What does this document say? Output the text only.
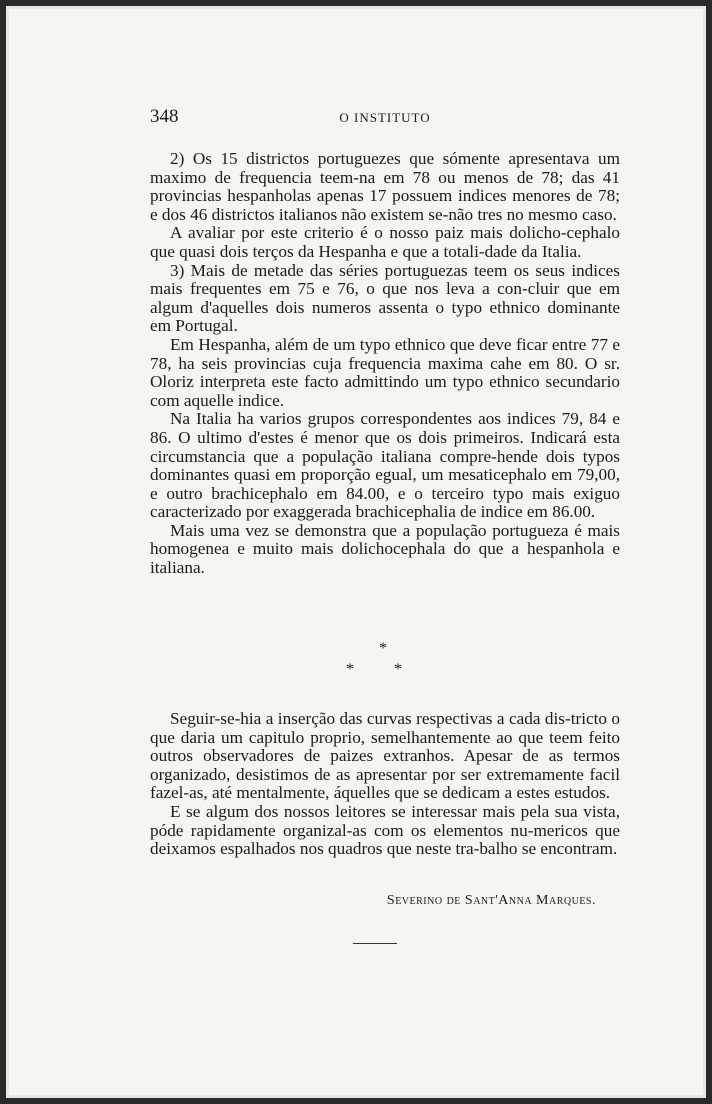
348	O INSTITUTO

2) Os 15 districtos portuguezes que sómente apresentava um maximo de frequencia teem-na em 78 ou menos de 78; das 41 provincias hespanholas apenas 17 possuem indices menores de 78; e dos 46 districtos italianos não existem se-não tres no mesmo caso.

A avaliar por este criterio é o nosso paiz mais dolicho-cephalo que quasi dois terços da Hespanha e que a totali-dade da Italia.

3) Mais de metade das séries portuguezas teem os seus indices mais frequentes em 75 e 76, o que nos leva a con-cluir que em algum d'aquelles dois numeros assenta o typo ethnico dominante em Portugal.

Em Hespanha, além de um typo ethnico que deve ficar entre 77 e 78, ha seis provincias cuja frequencia maxima cahe em 80. O sr. Oloriz interpreta este facto admittindo um typo ethnico secundario com aquelle indice.

Na Italia ha varios grupos correspondentes aos indices 79, 84 e 86. O ultimo d'estes é menor que os dois primeiros. Indicará esta circumstancia que a população italiana compre-hende dois typos dominantes quasi em proporção egual, um mesaticephalo em 79,00, e outro brachicephalo em 84.00, e o terceiro typo mais exiguo caracterizado por exaggerada brachicephalia de indice em 86.00.

Mais uma vez se demonstra que a população portugueza é mais homogenea e muito mais dolichocephala do que a hespanhola e italiana.

*
* *

Seguir-se-hia a inserção das curvas respectivas a cada dis-tricto o que daria um capitulo proprio, semelhantemente ao que teem feito outros observadores de paizes extranhos. Apesar de as termos organizado, desistimos de as apresentar por ser extremamente facil fazel-as, até mentalmente, áquelles que se dedicam a estes estudos.

E se algum dos nossos leitores se interessar mais pela sua vista, póde rapidamente organizal-as com os elementos nu-mericos que deixamos espalhados nos quadros que neste tra-balho se encontram.

Severino de Sant'Anna Marques.
